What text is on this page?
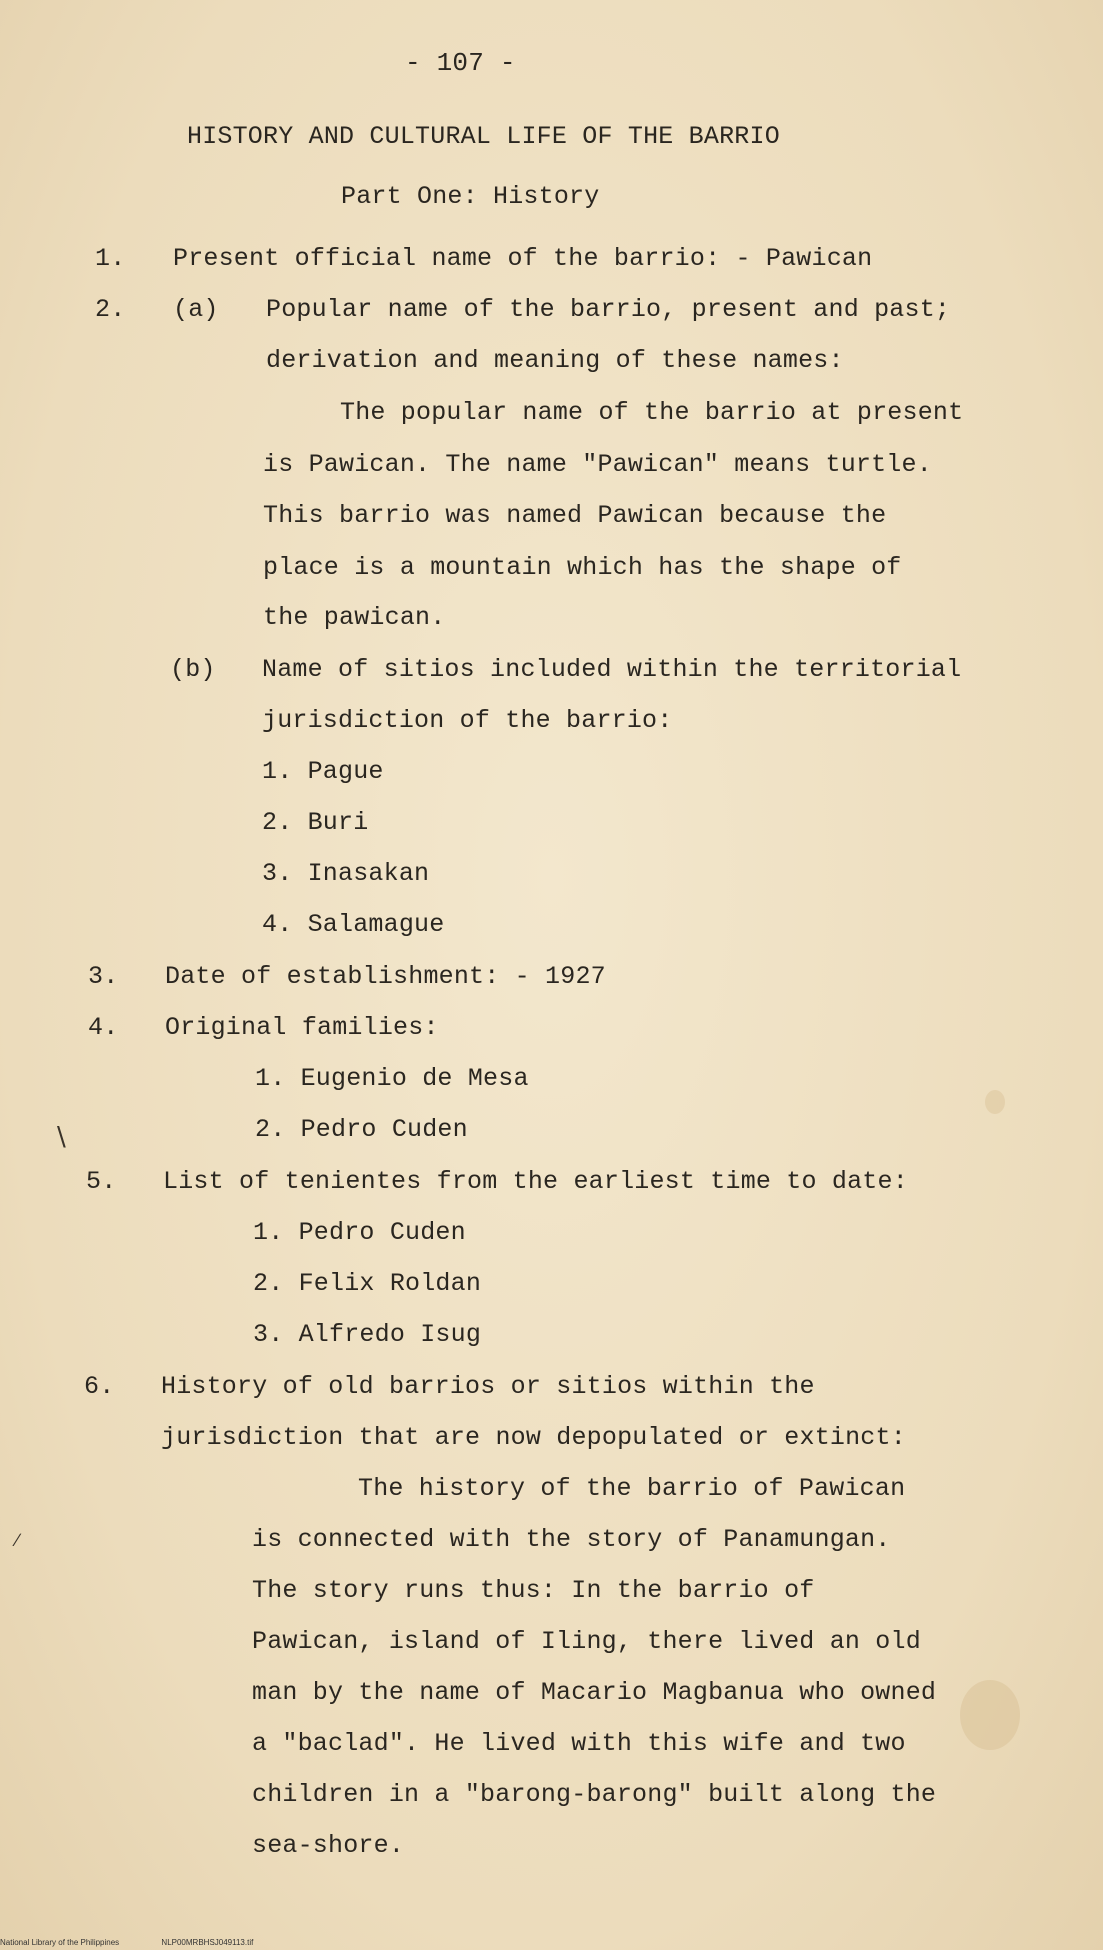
- 107 -
HISTORY AND CULTURAL LIFE OF THE BARRIO
Part One: History
1. Present official name of the barrio: - Pawican
2. (a) Popular name of the barrio, present and past;
derivation and meaning of these names:
The popular name of the barrio at present
is Pawican. The name "Pawican" means turtle.
This barrio was named Pawican because the
place is a mountain which has the shape of
the pawican.
(b) Name of sitios included within the territorial
jurisdiction of the barrio:
1. Pague
2. Buri
3. Inasakan
4. Salamague
3. Date of establishment: - 1927
4. Original families:
1. Eugenio de Mesa
2. Pedro Cuden
5. List of tenientes from the earliest time to date:
1. Pedro Cuden
2. Felix Roldan
3. Alfredo Isug
6. History of old barrios or sitios within the
jurisdiction that are now depopulated or extinct:
The history of the barrio of Pawican
is connected with the story of Panamungan.
The story runs thus: In the barrio of
Pawican, island of Iling, there lived an old
man by the name of Macario Magbanua who owned
a "baclad". He lived with this wife and two
children in a "barong-barong" built along the
sea-shore.
∖
∕
National Library of the Philippines	NLP00MRBHSJ049113.tif
